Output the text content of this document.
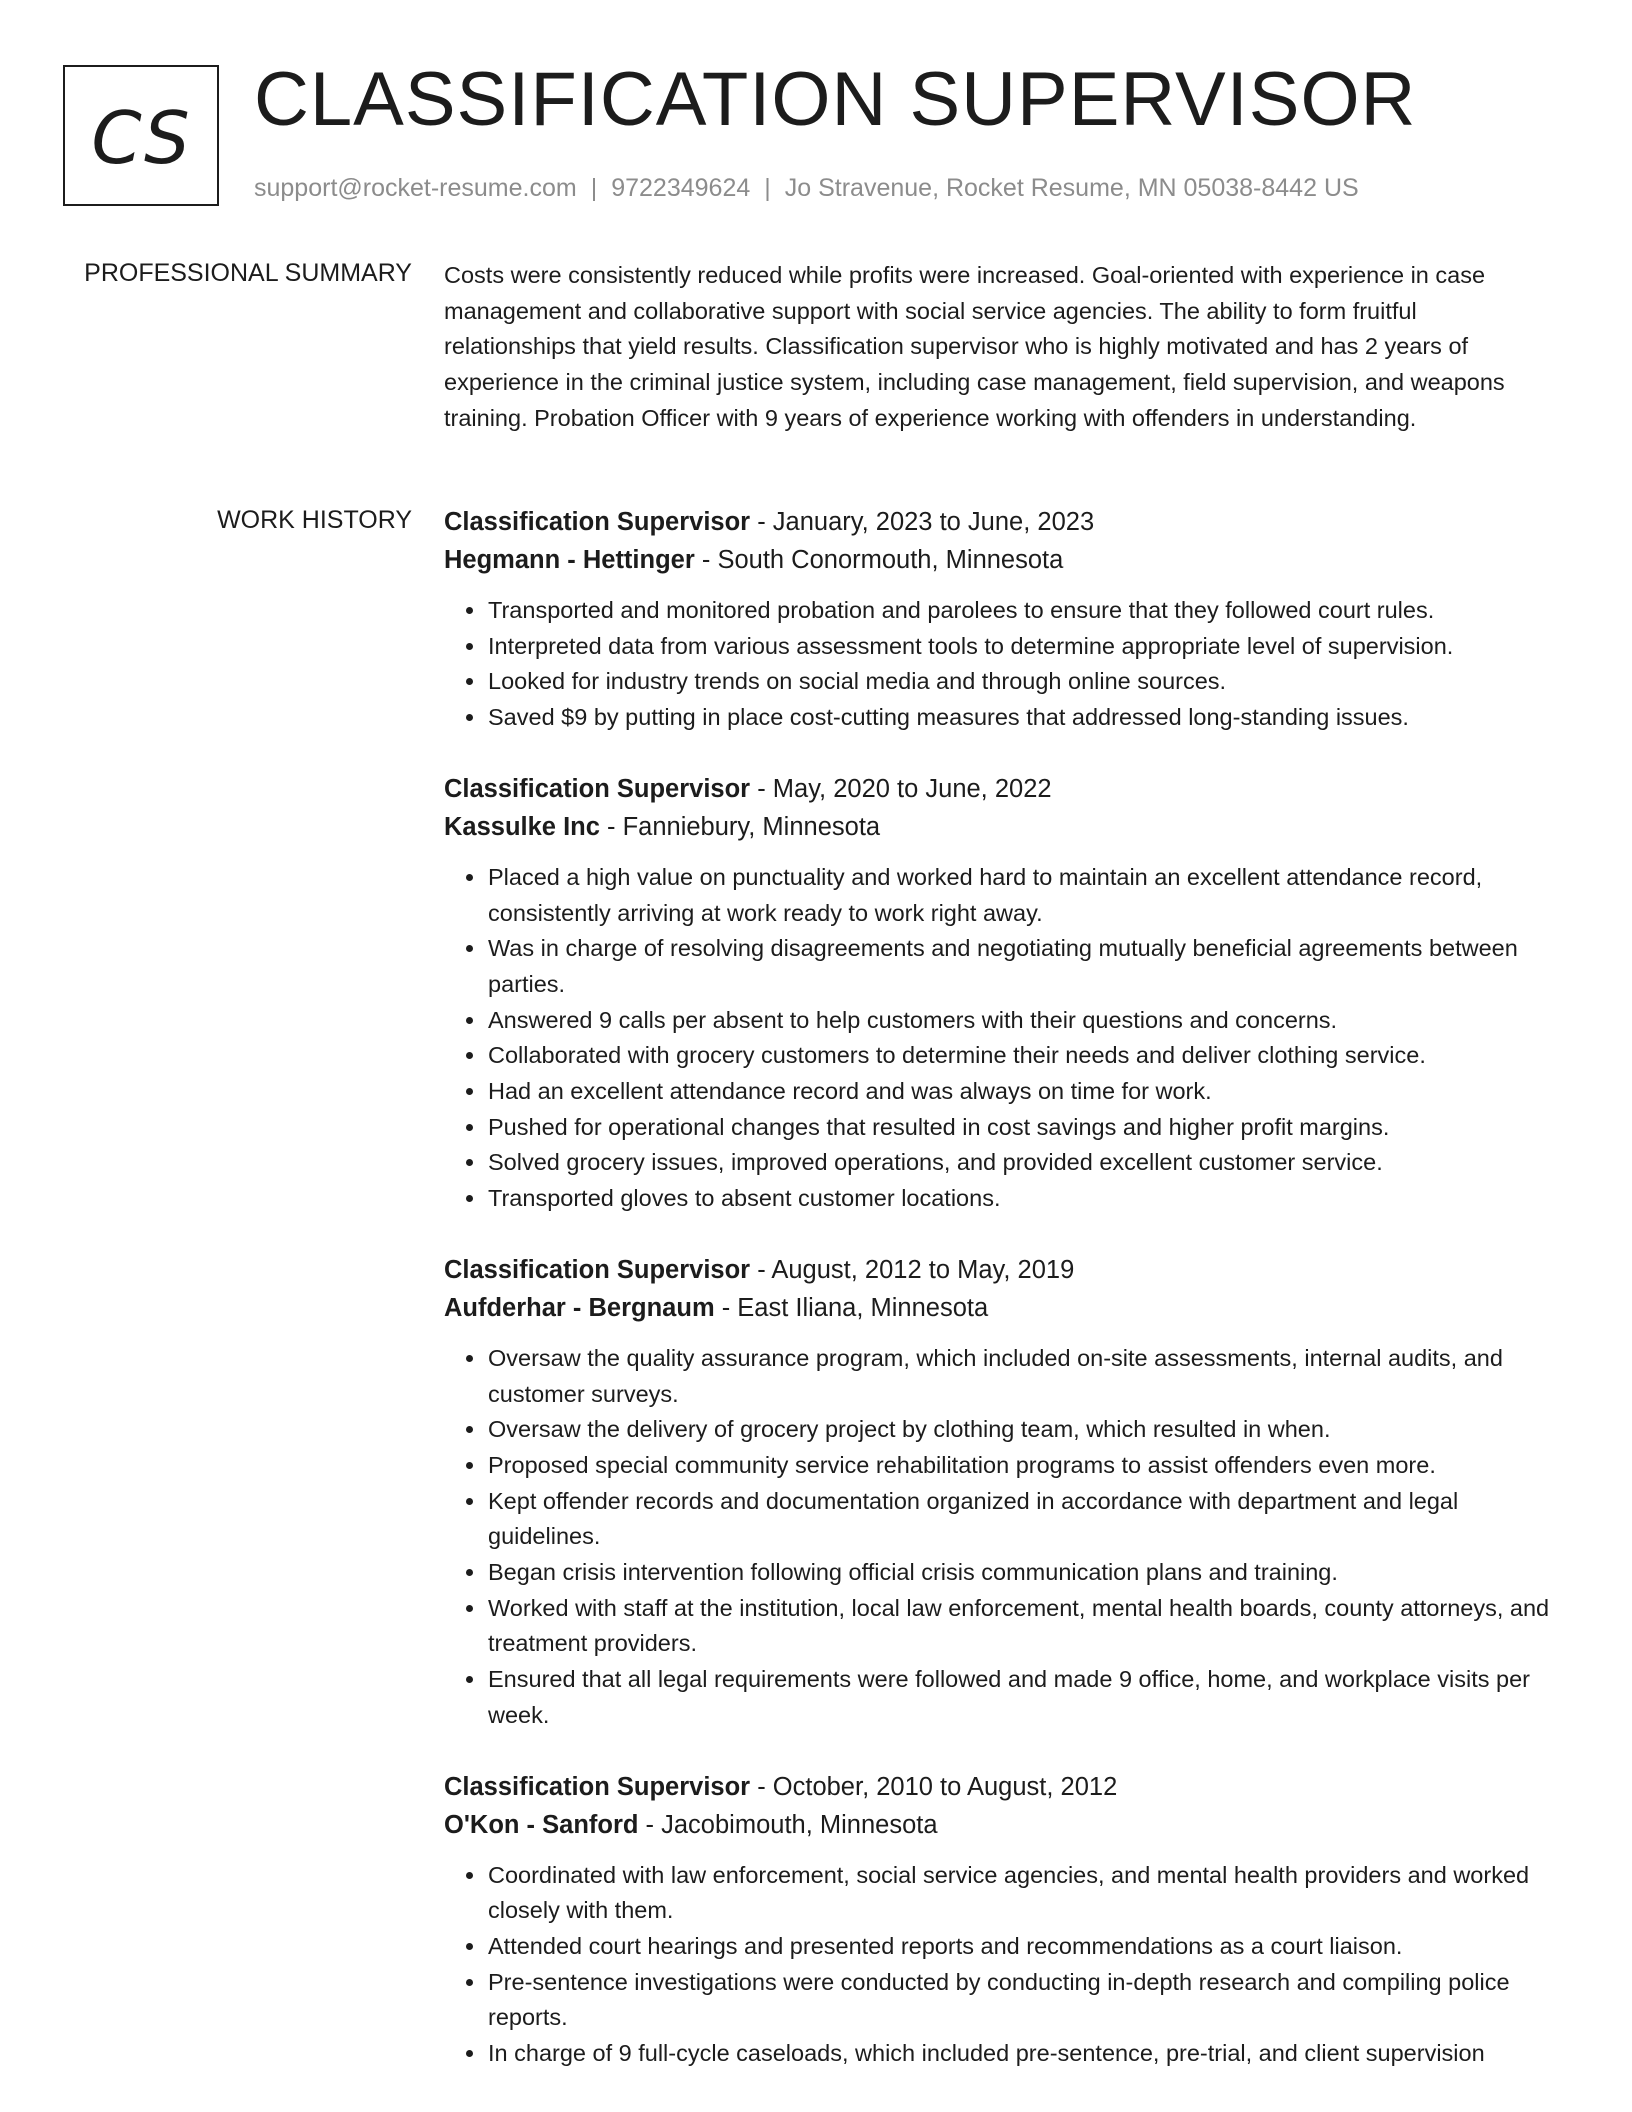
CS CLASSIFICATION SUPERVISOR
support@rocket-resume.com | 9722349624 | Jo Stravenue, Rocket Resume, MN 05038-8442 US
PROFESSIONAL SUMMARY Costs were consistently reduced while profits were increased. Goal-oriented with experience in case management and collaborative support with social service agencies. The ability to form fruitful relationships that yield results. Classification supervisor who is highly motivated and has 2 years of experience in the criminal justice system, including case management, field supervision, and weapons training. Probation Officer with 9 years of experience working with offenders in understanding.
WORK HISTORY Classification Supervisor - January, 2023 to June, 2023
Hegmann - Hettinger - South Conormouth, Minnesota
• Transported and monitored probation and parolees to ensure that they followed court rules.
• Interpreted data from various assessment tools to determine appropriate level of supervision.
• Looked for industry trends on social media and through online sources.
• Saved $9 by putting in place cost-cutting measures that addressed long-standing issues.
Classification Supervisor - May, 2020 to June, 2022
Kassulke Inc - Fanniebury, Minnesota
• Placed a high value on punctuality and worked hard to maintain an excellent attendance record, consistently arriving at work ready to work right away.
• Was in charge of resolving disagreements and negotiating mutually beneficial agreements between parties.
• Answered 9 calls per absent to help customers with their questions and concerns.
• Collaborated with grocery customers to determine their needs and deliver clothing service.
• Had an excellent attendance record and was always on time for work.
• Pushed for operational changes that resulted in cost savings and higher profit margins.
• Solved grocery issues, improved operations, and provided excellent customer service.
• Transported gloves to absent customer locations.
Classification Supervisor - August, 2012 to May, 2019
Aufderhar - Bergnaum - East Iliana, Minnesota
• Oversaw the quality assurance program, which included on-site assessments, internal audits, and customer surveys.
• Oversaw the delivery of grocery project by clothing team, which resulted in when.
• Proposed special community service rehabilitation programs to assist offenders even more.
• Kept offender records and documentation organized in accordance with department and legal guidelines.
• Began crisis intervention following official crisis communication plans and training.
• Worked with staff at the institution, local law enforcement, mental health boards, county attorneys, and treatment providers.
• Ensured that all legal requirements were followed and made 9 office, home, and workplace visits per week.
Classification Supervisor - October, 2010 to August, 2012
O'Kon - Sanford - Jacobimouth, Minnesota
• Coordinated with law enforcement, social service agencies, and mental health providers and worked closely with them.
• Attended court hearings and presented reports and recommendations as a court liaison.
• Pre-sentence investigations were conducted by conducting in-depth research and compiling police reports.
• In charge of 9 full-cycle caseloads, which included pre-sentence, pre-trial, and client supervision
